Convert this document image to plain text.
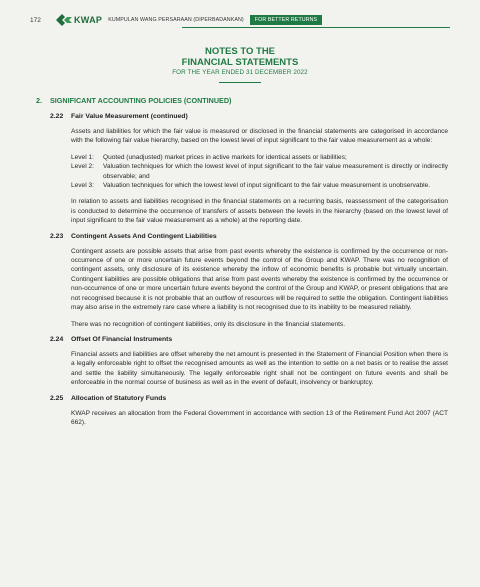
172	KWAP KUMPULAN WANG PERSARAAN (DIPERBADANKAN)	FOR BETTER RETURNS
NOTES TO THE
FINANCIAL STATEMENTS
FOR THE YEAR ENDED 31 DECEMBER 2022
2. SIGNIFICANT ACCOUNTING POLICIES (CONTINUED)
2.22 Fair Value Measurement (continued)

Assets and liabilities for which the fair value is measured or disclosed in the financial statements are categorised in accordance with the following fair value hierarchy, based on the lowest level of input significant to the fair value measurement as a whole:

Level 1:	Quoted (unadjusted) market prices in active markets for identical assets or liabilities;
Level 2:	Valuation techniques for which the lowest level of input significant to the fair value measurement is directly or indirectly observable; and
Level 3:	Valuation techniques for which the lowest level of input significant to the fair value measurement is unobservable.

In relation to assets and liabilities recognised in the financial statements on a recurring basis, reassessment of the categorisation is conducted to determine the occurrence of transfers of assets between the levels in the hierarchy (based on the lowest level of input significant to the fair value measurement as a whole) at the reporting date.

2.23 Contingent Assets And Contingent Liabilities

Contingent assets are possible assets that arise from past events whereby the existence is confirmed by the occurrence or non-occurrence of one or more uncertain future events beyond the control of the Group and KWAP. There was no recognition of contingent assets, only disclosure of its existence whereby the inflow of economic benefits is probable but virtually uncertain. Contingent liabilities are possible obligations that arise from past events whereby the existence is confirmed by the occurrence or non-occurrence of one or more uncertain future events beyond the control of the Group and KWAP, or present obligations that are not recognised because it is not probable that an outflow of resources will be required to settle the obligation. Contingent liabilities may also arise in the extremely rare case where a liability is not recognised due to its inability to be measured reliably.

There was no recognition of contingent liabilities, only its disclosure in the financial statements.

2.24 Offset Of Financial Instruments

Financial assets and liabilities are offset whereby the net amount is presented in the Statement of Financial Position when there is a legally enforceable right to offset the recognised amounts as well as the intention to settle on a net basis or to realise the asset and settle the liability simultaneously. The legally enforceable right shall not be contingent on future events and shall be enforceable in the normal course of business as well as in the event of default, insolvency or bankruptcy.

2.25 Allocation of Statutory Funds

KWAP receives an allocation from the Federal Government in accordance with section 13 of the Retirement Fund Act 2007 (ACT 662).
